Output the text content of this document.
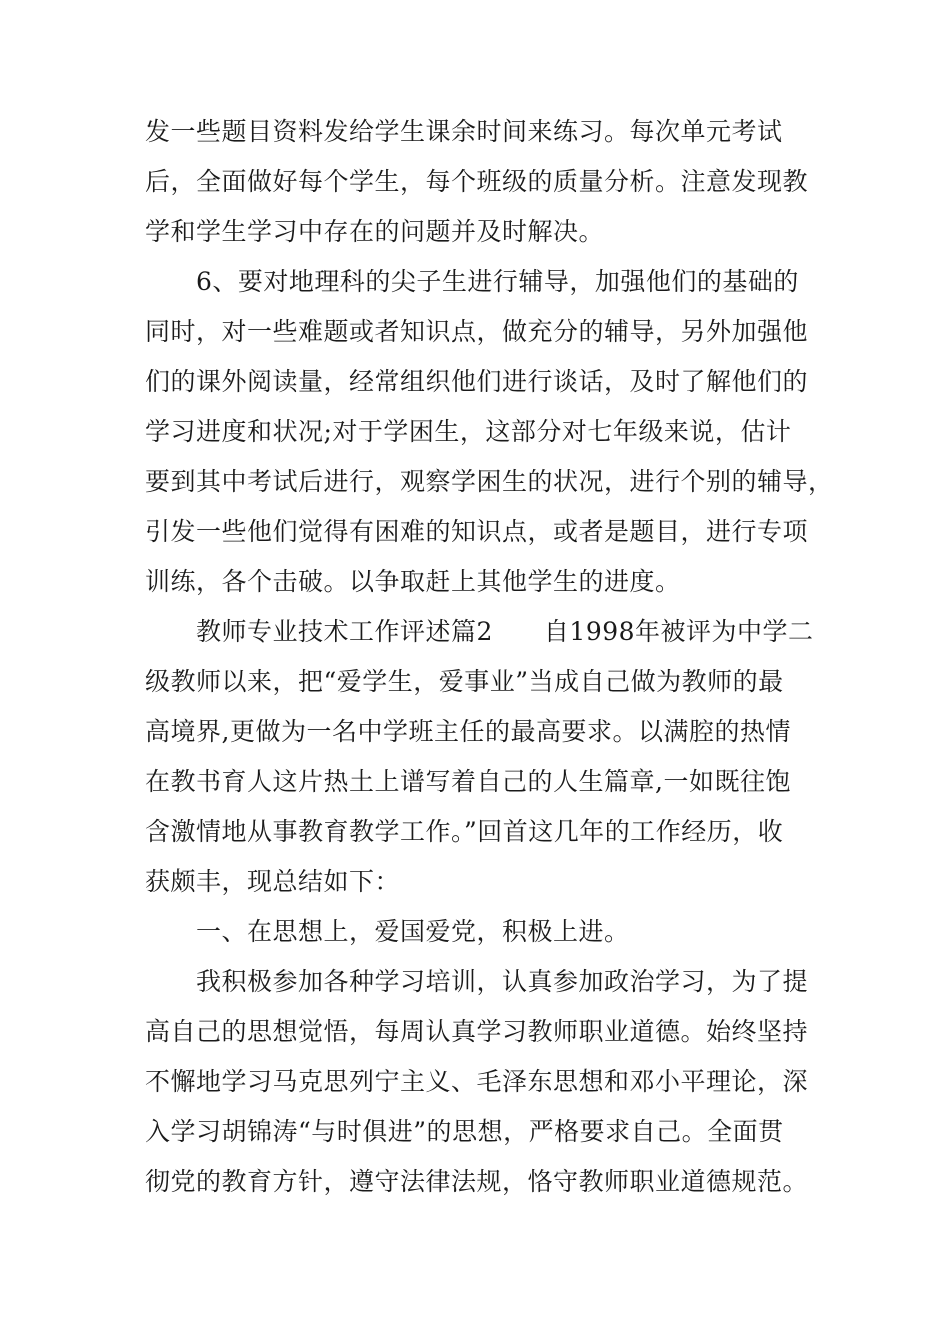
发一些题目资料发给学生课余时间来练习。每次单元考试
后，全面做好每个学生，每个班级的质量分析。注意发现教
学和学生学习中存在的问题并及时解决。
6、要对地理科的尖子生进行辅导，加强他们的基础的
同时，对一些难题或者知识点，做充分的辅导，另外加强他
们的课外阅读量，经常组织他们进行谈话，及时了解他们的
学习进度和状况;对于学困生，这部分对七年级来说，估计
要到其中考试后进行，观察学困生的状况，进行个别的辅导，
引发一些他们觉得有困难的知识点，或者是题目，进行专项
训练，各个击破。以争取赶上其他学生的进度。
教师专业技术工作评述篇2　　自1998年被评为中学二
级教师以来，把“爱学生，爱事业”当成自己做为教师的最
高境界,更做为一名中学班主任的最高要求。以满腔的热情
在教书育人这片热土上谱写着自己的人生篇章,一如既往饱
含激情地从事教育教学工作。”回首这几年的工作经历，收
获颇丰，现总结如下：
一、在思想上，爱国爱党，积极上进。
我积极参加各种学习培训，认真参加政治学习，为了提
高自己的思想觉悟，每周认真学习教师职业道德。始终坚持
不懈地学习马克思列宁主义、毛泽东思想和邓小平理论，深
入学习胡锦涛“与时俱进”的思想，严格要求自己。全面贯
彻党的教育方针，遵守法律法规，恪守教师职业道德规范。
